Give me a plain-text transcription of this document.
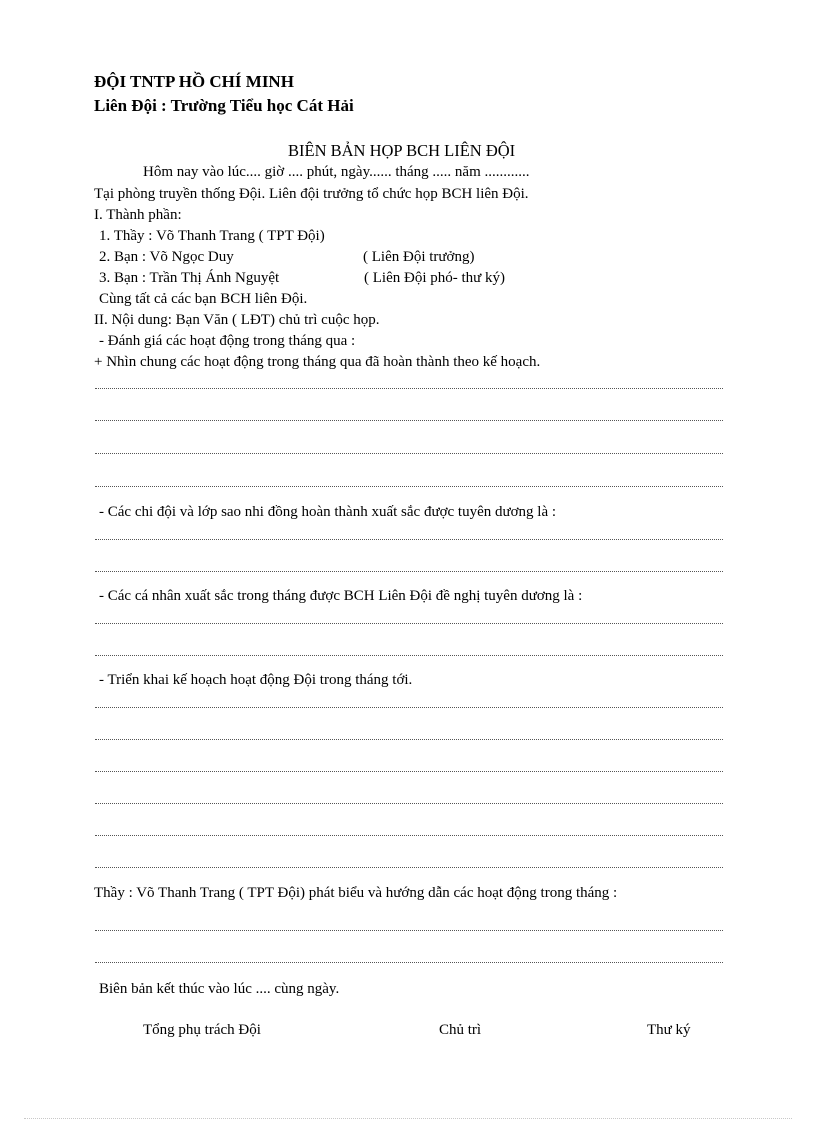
ĐỘI TNTP HỒ CHÍ MINH
Liên Đội : Trường Tiểu học Cát Hải
BIÊN BẢN HỌP BCH LIÊN ĐỘI
Hôm nay vào lúc.... giờ .... phút, ngày...... tháng ..... năm ............
Tại phòng truyền thống Đội. Liên đội trưởng tổ chức họp BCH liên Đội.
I. Thành phần:
1. Thầy : Võ Thanh Trang ( TPT Đội)
2. Bạn : Võ Ngọc Duy	( Liên Đội trưởng)
3. Bạn : Trần Thị Ánh Nguyệt	( Liên Đội phó- thư ký)
Cùng tất cả các bạn BCH liên Đội.
II. Nội dung: Bạn Văn ( LĐT) chủ trì cuộc họp.
- Đánh giá các hoạt động trong tháng qua :
+ Nhìn chung các hoạt động trong tháng qua đã hoàn thành theo kế hoạch.
- Các chi đội và lớp sao nhi đồng hoàn thành xuất sắc được tuyên dương là :
- Các cá nhân xuất sắc trong tháng được BCH Liên Đội đề nghị tuyên dương là :
- Triển khai kế hoạch hoạt động Đội trong tháng tới.
Thầy : Võ Thanh Trang ( TPT Đội) phát biểu và hướng dẫn các hoạt động trong tháng :
Biên bản kết thúc vào lúc .... cùng ngày.
Tổng phụ trách Đội	Chủ trì	Thư ký
